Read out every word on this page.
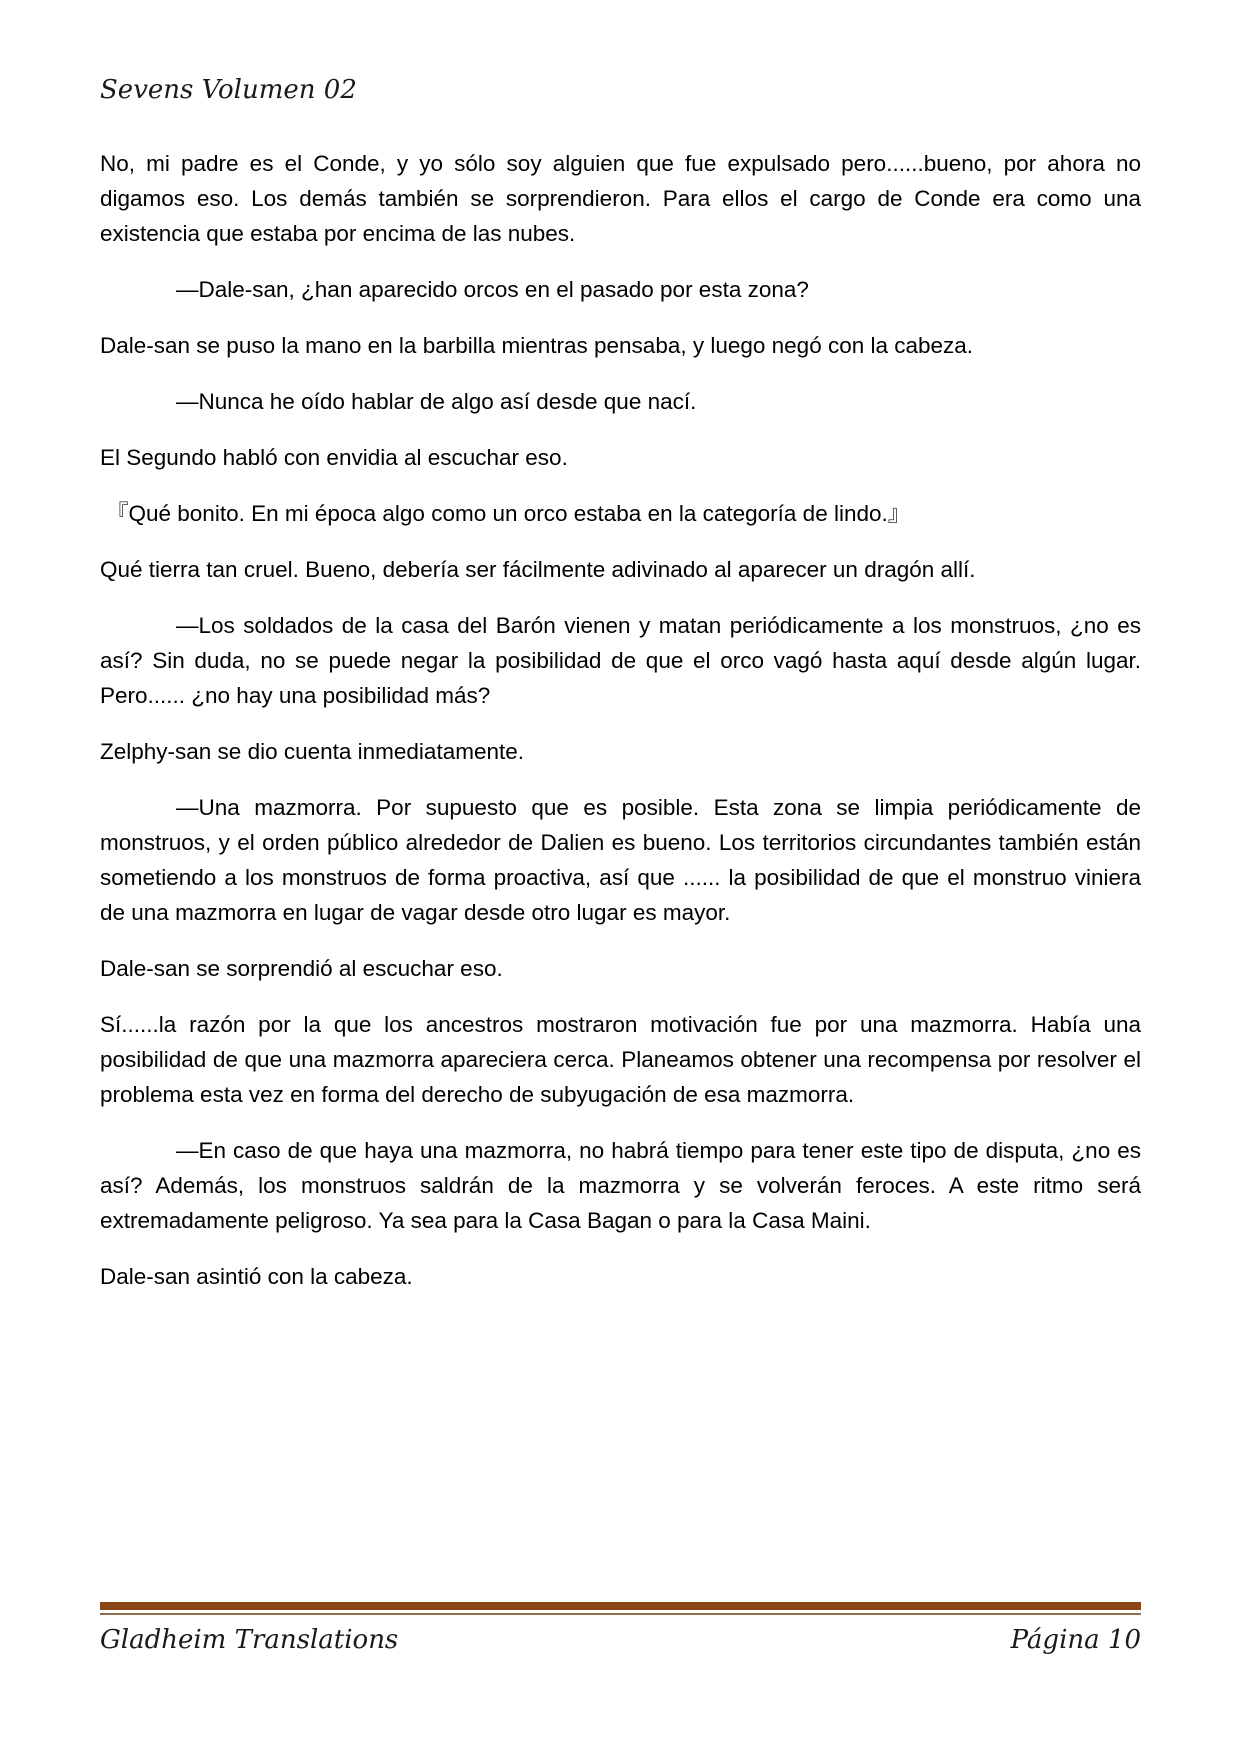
Sevens Volumen 02

No, mi padre es el Conde, y yo sólo soy alguien que fue expulsado pero......bueno, por ahora no digamos eso. Los demás también se sorprendieron. Para ellos el cargo de Conde era como una existencia que estaba por encima de las nubes.

—Dale-san, ¿han aparecido orcos en el pasado por esta zona?

Dale-san se puso la mano en la barbilla mientras pensaba, y luego negó con la cabeza.

—Nunca he oído hablar de algo así desde que nací.

El Segundo habló con envidia al escuchar eso.

『Qué bonito. En mi época algo como un orco estaba en la categoría de lindo.』

Qué tierra tan cruel. Bueno, debería ser fácilmente adivinado al aparecer un dragón allí.

—Los soldados de la casa del Barón vienen y matan periódicamente a los monstruos, ¿no es así? Sin duda, no se puede negar la posibilidad de que el orco vagó hasta aquí desde algún lugar. Pero...... ¿no hay una posibilidad más?

Zelphy-san se dio cuenta inmediatamente.

—Una mazmorra. Por supuesto que es posible. Esta zona se limpia periódicamente de monstruos, y el orden público alrededor de Dalien es bueno. Los territorios circundantes también están sometiendo a los monstruos de forma proactiva, así que ...... la posibilidad de que el monstruo viniera de una mazmorra en lugar de vagar desde otro lugar es mayor.

Dale-san se sorprendió al escuchar eso.

Sí......la razón por la que los ancestros mostraron motivación fue por una mazmorra. Había una posibilidad de que una mazmorra apareciera cerca. Planeamos obtener una recompensa por resolver el problema esta vez en forma del derecho de subyugación de esa mazmorra.

—En caso de que haya una mazmorra, no habrá tiempo para tener este tipo de disputa, ¿no es así? Además, los monstruos saldrán de la mazmorra y se volverán feroces. A este ritmo será extremadamente peligroso. Ya sea para la Casa Bagan o para la Casa Maini.

Dale-san asintió con la cabeza.

Gladheim Translations	Página 10
